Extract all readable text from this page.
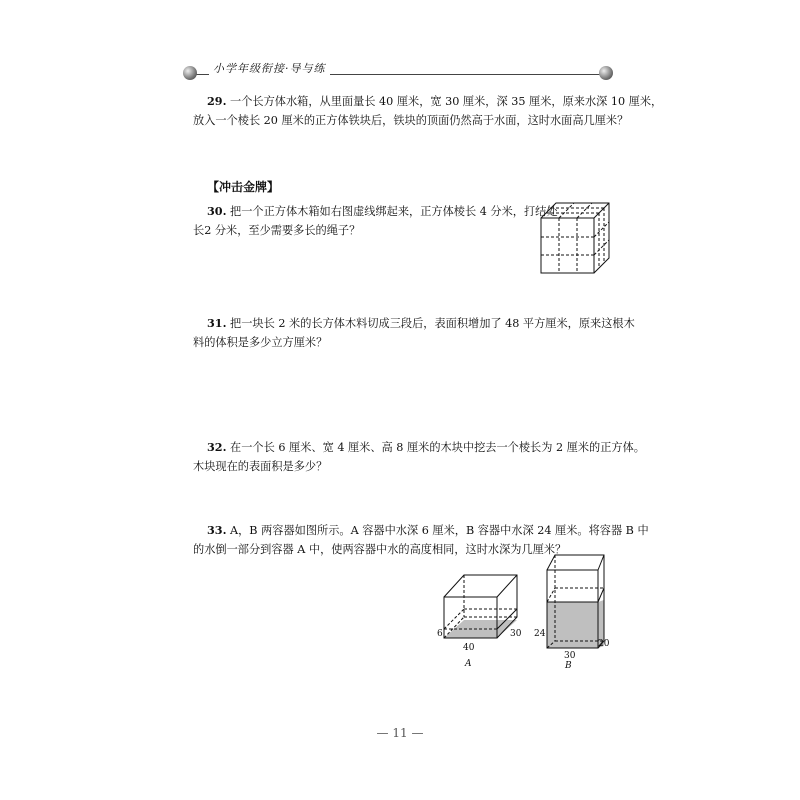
小学年级衔接·导与练
29. 一个长方体水箱，从里面量长 40 厘米，宽 30 厘米，深 35 厘米，原来水深 10 厘米，
放入一个棱长 20 厘米的正方体铁块后，铁块的顶面仍然高于水面，这时水面高几厘米？
【冲击金牌】
30. 把一个正方体木箱如右图虚线绑起来，正方体棱长 4 分米，打结处
长2 分米，至少需要多长的绳子？
31. 把一块长 2 米的长方体木料切成三段后，表面积增加了 48 平方厘米，原来这根木
料的体积是多少立方厘米？
32. 在一个长 6 厘米、宽 4 厘米、高 8 厘米的木块中挖去一个棱长为 2 厘米的正方体。
木块现在的表面积是多少？
33. A，B 两容器如图所示。A 容器中水深 6 厘米，B 容器中水深 24 厘米。将容器 B 中
的水倒一部分到容器 A 中，使两容器中水的高度相同，这时水深为几厘米？
6	30
40
A
24
30
20
B
— 11 —
